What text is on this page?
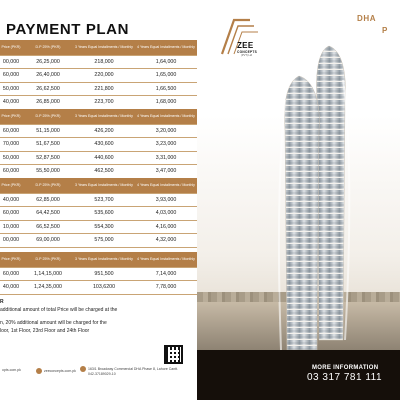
PAYMENT PLAN
Price (PKR)	D.P 25% (PKR)	3 Years Equal Installments / Monthly	4 Years Equal Installments / Monthly
00,000	26,25,000	218,000	1,64,000
60,000	26,40,000	220,000	1,65,000
50,000	26,62,500	221,800	1,66,500
40,000	26,85,000	223,700	1,68,000
Price (PKR)	D.P 25% (PKR)	3 Years Equal Installments / Monthly	4 Years Equal Installments / Monthly
60,000	51,15,000	426,200	3,20,000
70,000	51,67,500	430,600	3,23,000
50,000	52,87,500	440,600	3,31,000
60,000	55,50,000	462,500	3,47,000
Price (PKR)	D.P 25% (PKR)	3 Years Equal Installments / Monthly	4 Years Equal Installments / Monthly
40,000	62,85,000	523,700	3,93,000
60,000	64,42,500	535,600	4,03,000
10,000	66,52,500	554,300	4,16,000
00,000	69,00,000	575,000	4,32,000
Price (PKR)	D.P 25% (PKR)	3 Years Equal Installments / Monthly	4 Years Equal Installments / Monthly
60,000	1,14,15,000	951,500	7,14,000
40,000	1,24,35,000	103,6200	7,78,000
R
additional amount of total Price will be charged at the
n, 20% additional amount will be charged for the
loor, 1st Floor, 23rd Floor and 24th Floor
opts.com.pk	zeeconcepts.com.pk	163/1 Broadway Commercial DHA Phase 8, Lahore Cantt.
042-37189029-10
ZEE
CONCEPTS
(PVT) Ltd
DHA
P
MORE INFORMATION
03 317 781 111
